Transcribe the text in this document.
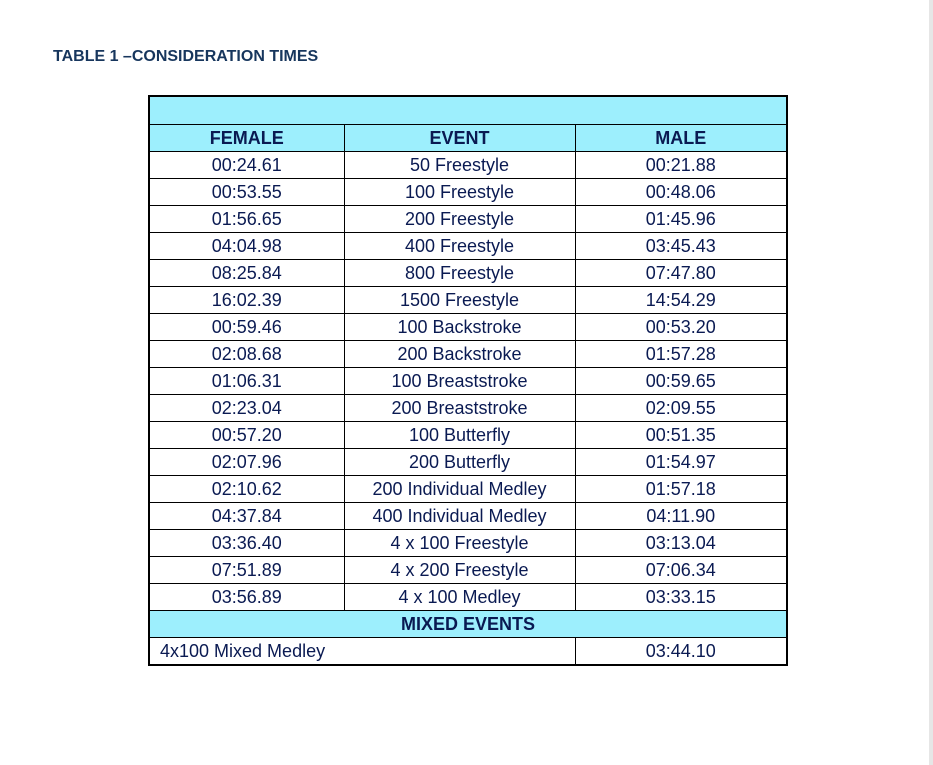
TABLE 1 –CONSIDERATION TIMES

FEMALE	EVENT	MALE
00:24.61	50 Freestyle	00:21.88
00:53.55	100 Freestyle	00:48.06
01:56.65	200 Freestyle	01:45.96
04:04.98	400 Freestyle	03:45.43
08:25.84	800 Freestyle	07:47.80
16:02.39	1500 Freestyle	14:54.29
00:59.46	100 Backstroke	00:53.20
02:08.68	200 Backstroke	01:57.28
01:06.31	100 Breaststroke	00:59.65
02:23.04	200 Breaststroke	02:09.55
00:57.20	100 Butterfly	00:51.35
02:07.96	200 Butterfly	01:54.97
02:10.62	200 Individual Medley	01:57.18
04:37.84	400 Individual Medley	04:11.90
03:36.40	4 x 100 Freestyle	03:13.04
07:51.89	4 x 200 Freestyle	07:06.34
03:56.89	4 x 100 Medley	03:33.15
MIXED EVENTS		
4x100 Mixed Medley		03:44.10
